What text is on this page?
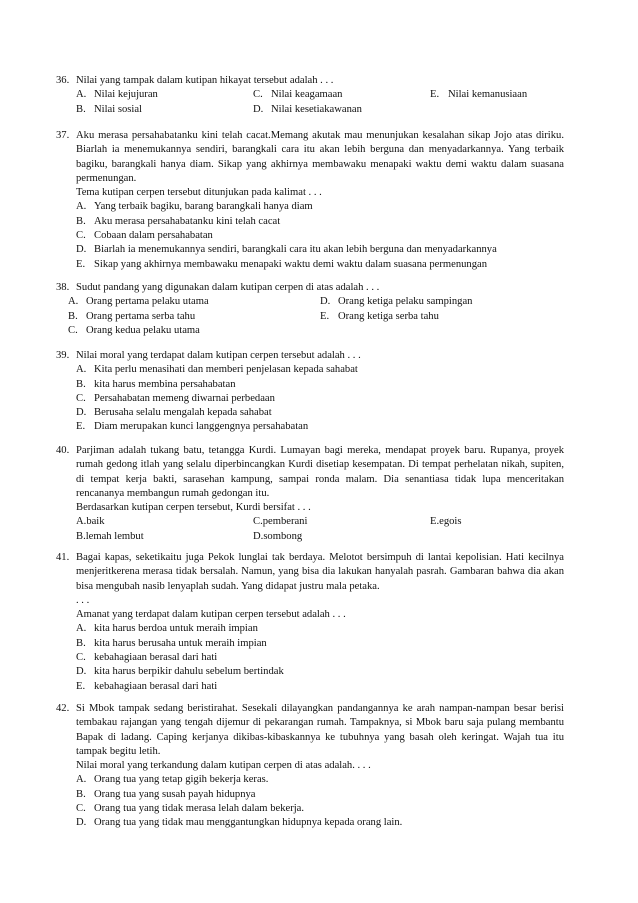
36. Nilai yang tampak dalam kutipan hikayat tersebut adalah . . .
A. Nilai kejujuran	C. Nilai keagamaan	E. Nilai kemanusiaan
B. Nilai sosial	D. Nilai kesetiakawanan
37. Aku merasa persahabatanku kini telah cacat.Memang akutak mau menunjukan kesalahan sikap Jojo atas diriku. Biarlah ia menemukannya sendiri, barangkali cara itu akan lebih berguna dan menyadarkannya. Yang terbaik bagiku, barangkali hanya diam. Sikap yang akhirnya membawaku menapaki waktu demi waktu dalam suasana permenungan.
Tema kutipan cerpen tersebut ditunjukan pada kalimat . . .
A. Yang terbaik bagiku, barang barangkali hanya diam
B. Aku merasa persahabatanku kini telah cacat
C. Cobaan dalam persahabatan
D. Biarlah ia menemukannya sendiri, barangkali cara itu akan lebih berguna dan menyadarkannya
E. Sikap yang akhirnya membawaku menapaki waktu demi waktu dalam suasana permenungan
38. Sudut pandang yang digunakan dalam kutipan cerpen di atas adalah . . .
A. Orang pertama pelaku utama	D. Orang ketiga pelaku sampingan
B. Orang pertama serba tahu	E. Orang ketiga serba tahu
C. Orang kedua pelaku utama
39. Nilai moral yang terdapat dalam kutipan cerpen tersebut adalah . . .
A. Kita perlu menasihati dan memberi penjelasan kepada sahabat
B. kita harus membina persahabatan
C. Persahabatan memeng diwarnai perbedaan
D. Berusaha selalu mengalah kepada sahabat
E. Diam merupakan kunci langgengnya persahabatan
40. Parjiman adalah tukang batu, tetangga Kurdi. Lumayan bagi mereka, mendapat proyek baru. Rupanya, proyek rumah gedong itlah yang selalu diperbincangkan Kurdi disetiap kesempatan. Di tempat perhelatan nikah, supiten, di tempat kerja bakti, sarasehan kampung, sampai ronda malam. Dia senantiasa tidak lupa menceritakan rencananya membangun rumah gedongan itu.
Berdasarkan kutipan cerpen tersebut, Kurdi bersifat . . .
A.baik	C.pemberani	E.egois
B.lemah lembut	D.sombong
41. Bagai kapas, seketikaitu juga Pekok lunglai tak berdaya. Melotot bersimpuh di lantai kepolisian. Hati kecilnya menjeritkerena merasa tidak bersalah. Namun, yang bisa dia lakukan hanyalah pasrah. Gambaran bahwa dia akan bisa mengubah nasib lenyaplah sudah. Yang didapat justru mala petaka.
. . .
Amanat yang terdapat dalam kutipan cerpen tersebut adalah . . .
A. kita harus berdoa untuk meraih impian
B. kita harus berusaha untuk meraih impian
C. kebahagiaan berasal dari hati
D. kita harus berpikir dahulu sebelum bertindak
E. kebahagiaan berasal dari hati
42. Si Mbok tampak sedang beristirahat. Sesekali dilayangkan pandangannya ke arah nampan-nampan besar berisi tembakau rajangan yang tengah dijemur di pekarangan rumah. Tampaknya, si Mbok baru saja pulang membantu Bapak di ladang. Caping kerjanya dikibas-kibaskannya ke tubuhnya yang basah oleh keringat. Wajah tua itu tampak begitu letih.
Nilai moral yang terkandung dalam kutipan cerpen di atas adalah. . . .
A. Orang tua yang tetap gigih bekerja keras.
B. Orang tua yang susah payah hidupnya
C. Orang tua yang tidak merasa lelah dalam bekerja.
D. Orang tua yang tidak mau menggantungkan hidupnya kepada orang lain.
